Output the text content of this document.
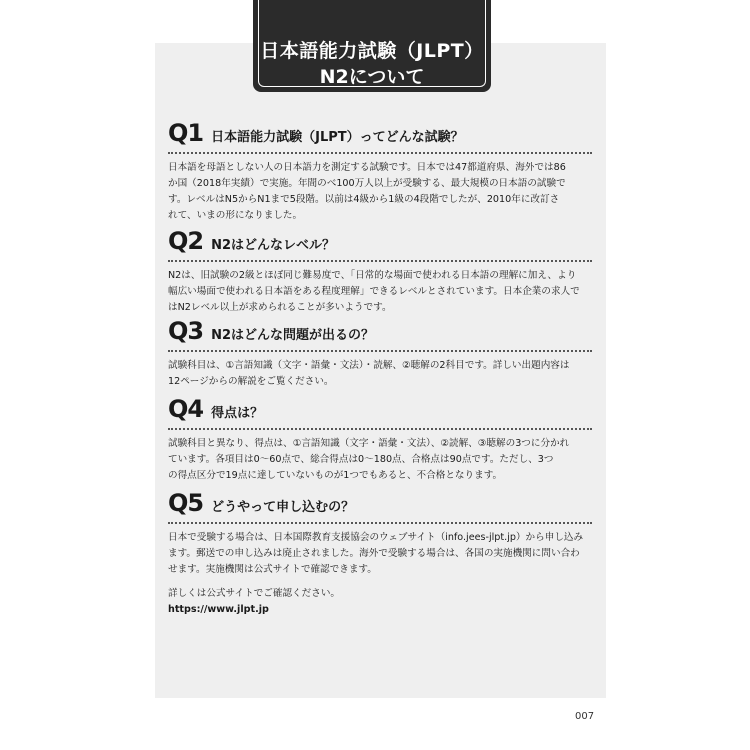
日本語能力試験（JLPT）
N2について
Q1 日本語能力試験（JLPT）ってどんな試験？
日本語を母語としない人の日本語力を測定する試験です。日本では47都道府県、海外では86
か国（2018年実績）で実施。年間のべ100万人以上が受験する、最大規模の日本語の試験で
す。レベルはN5からN1まで5段階。以前は4級から1級の4段階でしたが、2010年に改訂さ
れて、いまの形になりました。
Q2 N2はどんなレベル？
N2は、旧試験の2級とほぼ同じ難易度で、「日常的な場面で使われる日本語の理解に加え、より
幅広い場面で使われる日本語をある程度理解」できるレベルとされています。日本企業の求人で
はN2レベル以上が求められることが多いようです。
Q3 N2はどんな問題が出るの？
試験科目は、①言語知識（文字・語彙・文法）・読解、②聴解の2科目です。詳しい出題内容は
12ページからの解説をご覧ください。
Q4 得点は？
試験科目と異なり、得点は、①言語知識（文字・語彙・文法）、②読解、③聴解の3つに分かれ
ています。各項目は0～60点で、総合得点は0～180点、合格点は90点です。ただし、3つ
の得点区分で19点に達していないものが1つでもあると、不合格となります。
Q5 どうやって申し込むの？
日本で受験する場合は、日本国際教育支援協会のウェブサイト（info.jees-jlpt.jp）から申し込み
ます。郵送での申し込みは廃止されました。海外で受験する場合は、各国の実施機関に問い合わ
せます。実施機関は公式サイトで確認できます。
詳しくは公式サイトでご確認ください。
https://www.jlpt.jp
007
